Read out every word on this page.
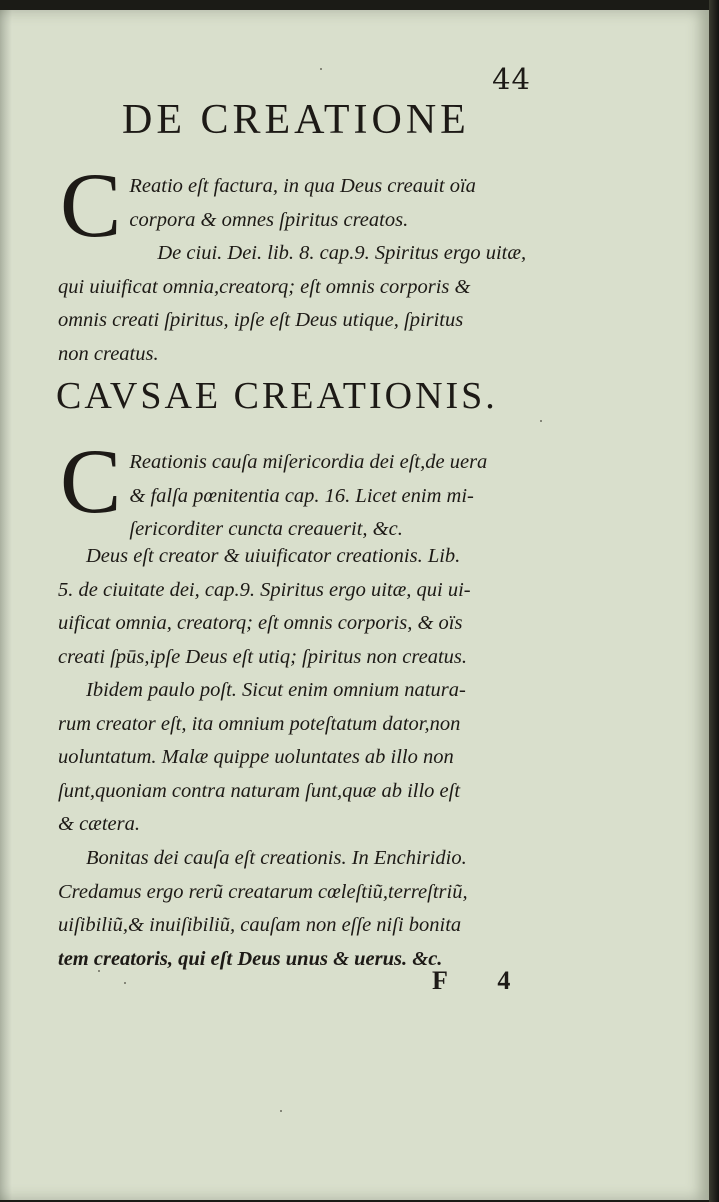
44
DE CREATIONE
C Reatio eſt factura, in qua Deus creauit oïa

corpora & omnes ſpiritus creatos.

De ciui. Dei. lib. 8. cap.9. Spiritus ergo uitæ,

qui uiuificat omnia,creatorq; eſt omnis corporis &

omnis creati ſpiritus, ipſe eſt Deus utique, ſpiritus

non creatus.

CAVSAE CREATIONIS.
C Reationis cauſa miſericordia dei eſt,de uera

& falſa pœnitentia cap. 16. Licet enim mi-

ſericorditer cuncta creauerit, &c.

Deus eſt creator & uiuificator creationis. Lib.

5. de ciuitate dei, cap.9. Spiritus ergo uitæ, qui ui-

uificat omnia, creatorq; eſt omnis corporis, & oïs

creati ſpūs,ipſe Deus eſt utiq; ſpiritus non creatus.

Ibidem paulo poſt. Sicut enim omnium natura-

rum creator eſt, ita omnium poteſtatum dator,non

uoluntatum. Malæ quippe uoluntates ab illo non

ſunt,quoniam contra naturam ſunt,quæ ab illo eſt

& cætera.

Bonitas dei cauſa eſt creationis. In Enchiridio.

Credamus ergo rerũ creatarum cœleſtiũ,terreſtriũ,

uiſibiliũ,& inuiſibiliũ, cauſam non eſſe niſi bonita

tem creatoris, qui eſt Deus unus & uerus. &c.

F 4
